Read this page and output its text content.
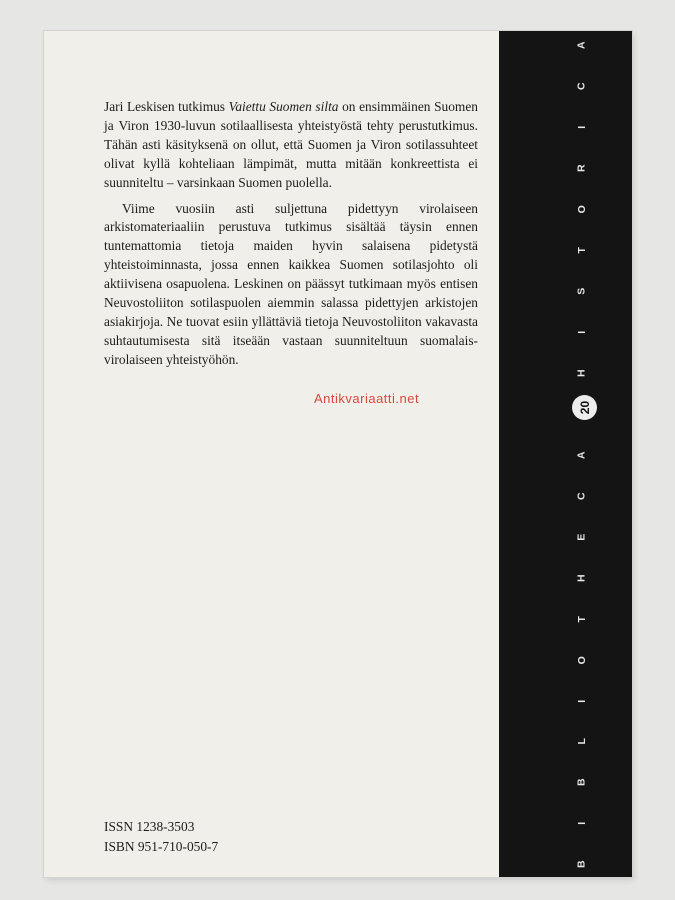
B
I
B
L
I
O
T
H
E
C
A
H
I
S
T
O
R
I
C
A
20

Jari Leskisen tutkimus Vaiettu Suomen silta on ensimmäinen Suomen ja Viron 1930-luvun sotilaallisesta yhteistyöstä tehty perustutkimus. Tähän asti käsityksenä on ollut, että Suomen ja Viron sotilassuhteet olivat kyllä kohteliaan lämpimät, mutta mitään konkreettista ei suunniteltu – varsinkaan Suomen puolella.

Viime vuosiin asti suljettuna pidettyyn virolaiseen arkistomateriaaliin perustuva tutkimus sisältää täysin ennen tuntemattomia tietoja maiden hyvin salaisena pidetystä yhteistoiminnasta, jossa ennen kaikkea Suomen sotilasjohto oli aktiivisena osapuolena. Leskinen on päässyt tutkimaan myös entisen Neuvostoliiton sotilaspuolen aiemmin salassa pidettyjen arkistojen asiakirjoja. Ne tuovat esiin yllättäviä tietoja Neuvostoliiton vakavasta suhtautumisesta sitä itseään vastaan suunniteltuun suomalais-virolaiseen yhteistyöhön.

Antikvariaatti.net
ISSN 1238-3503
ISBN 951-710-050-7
